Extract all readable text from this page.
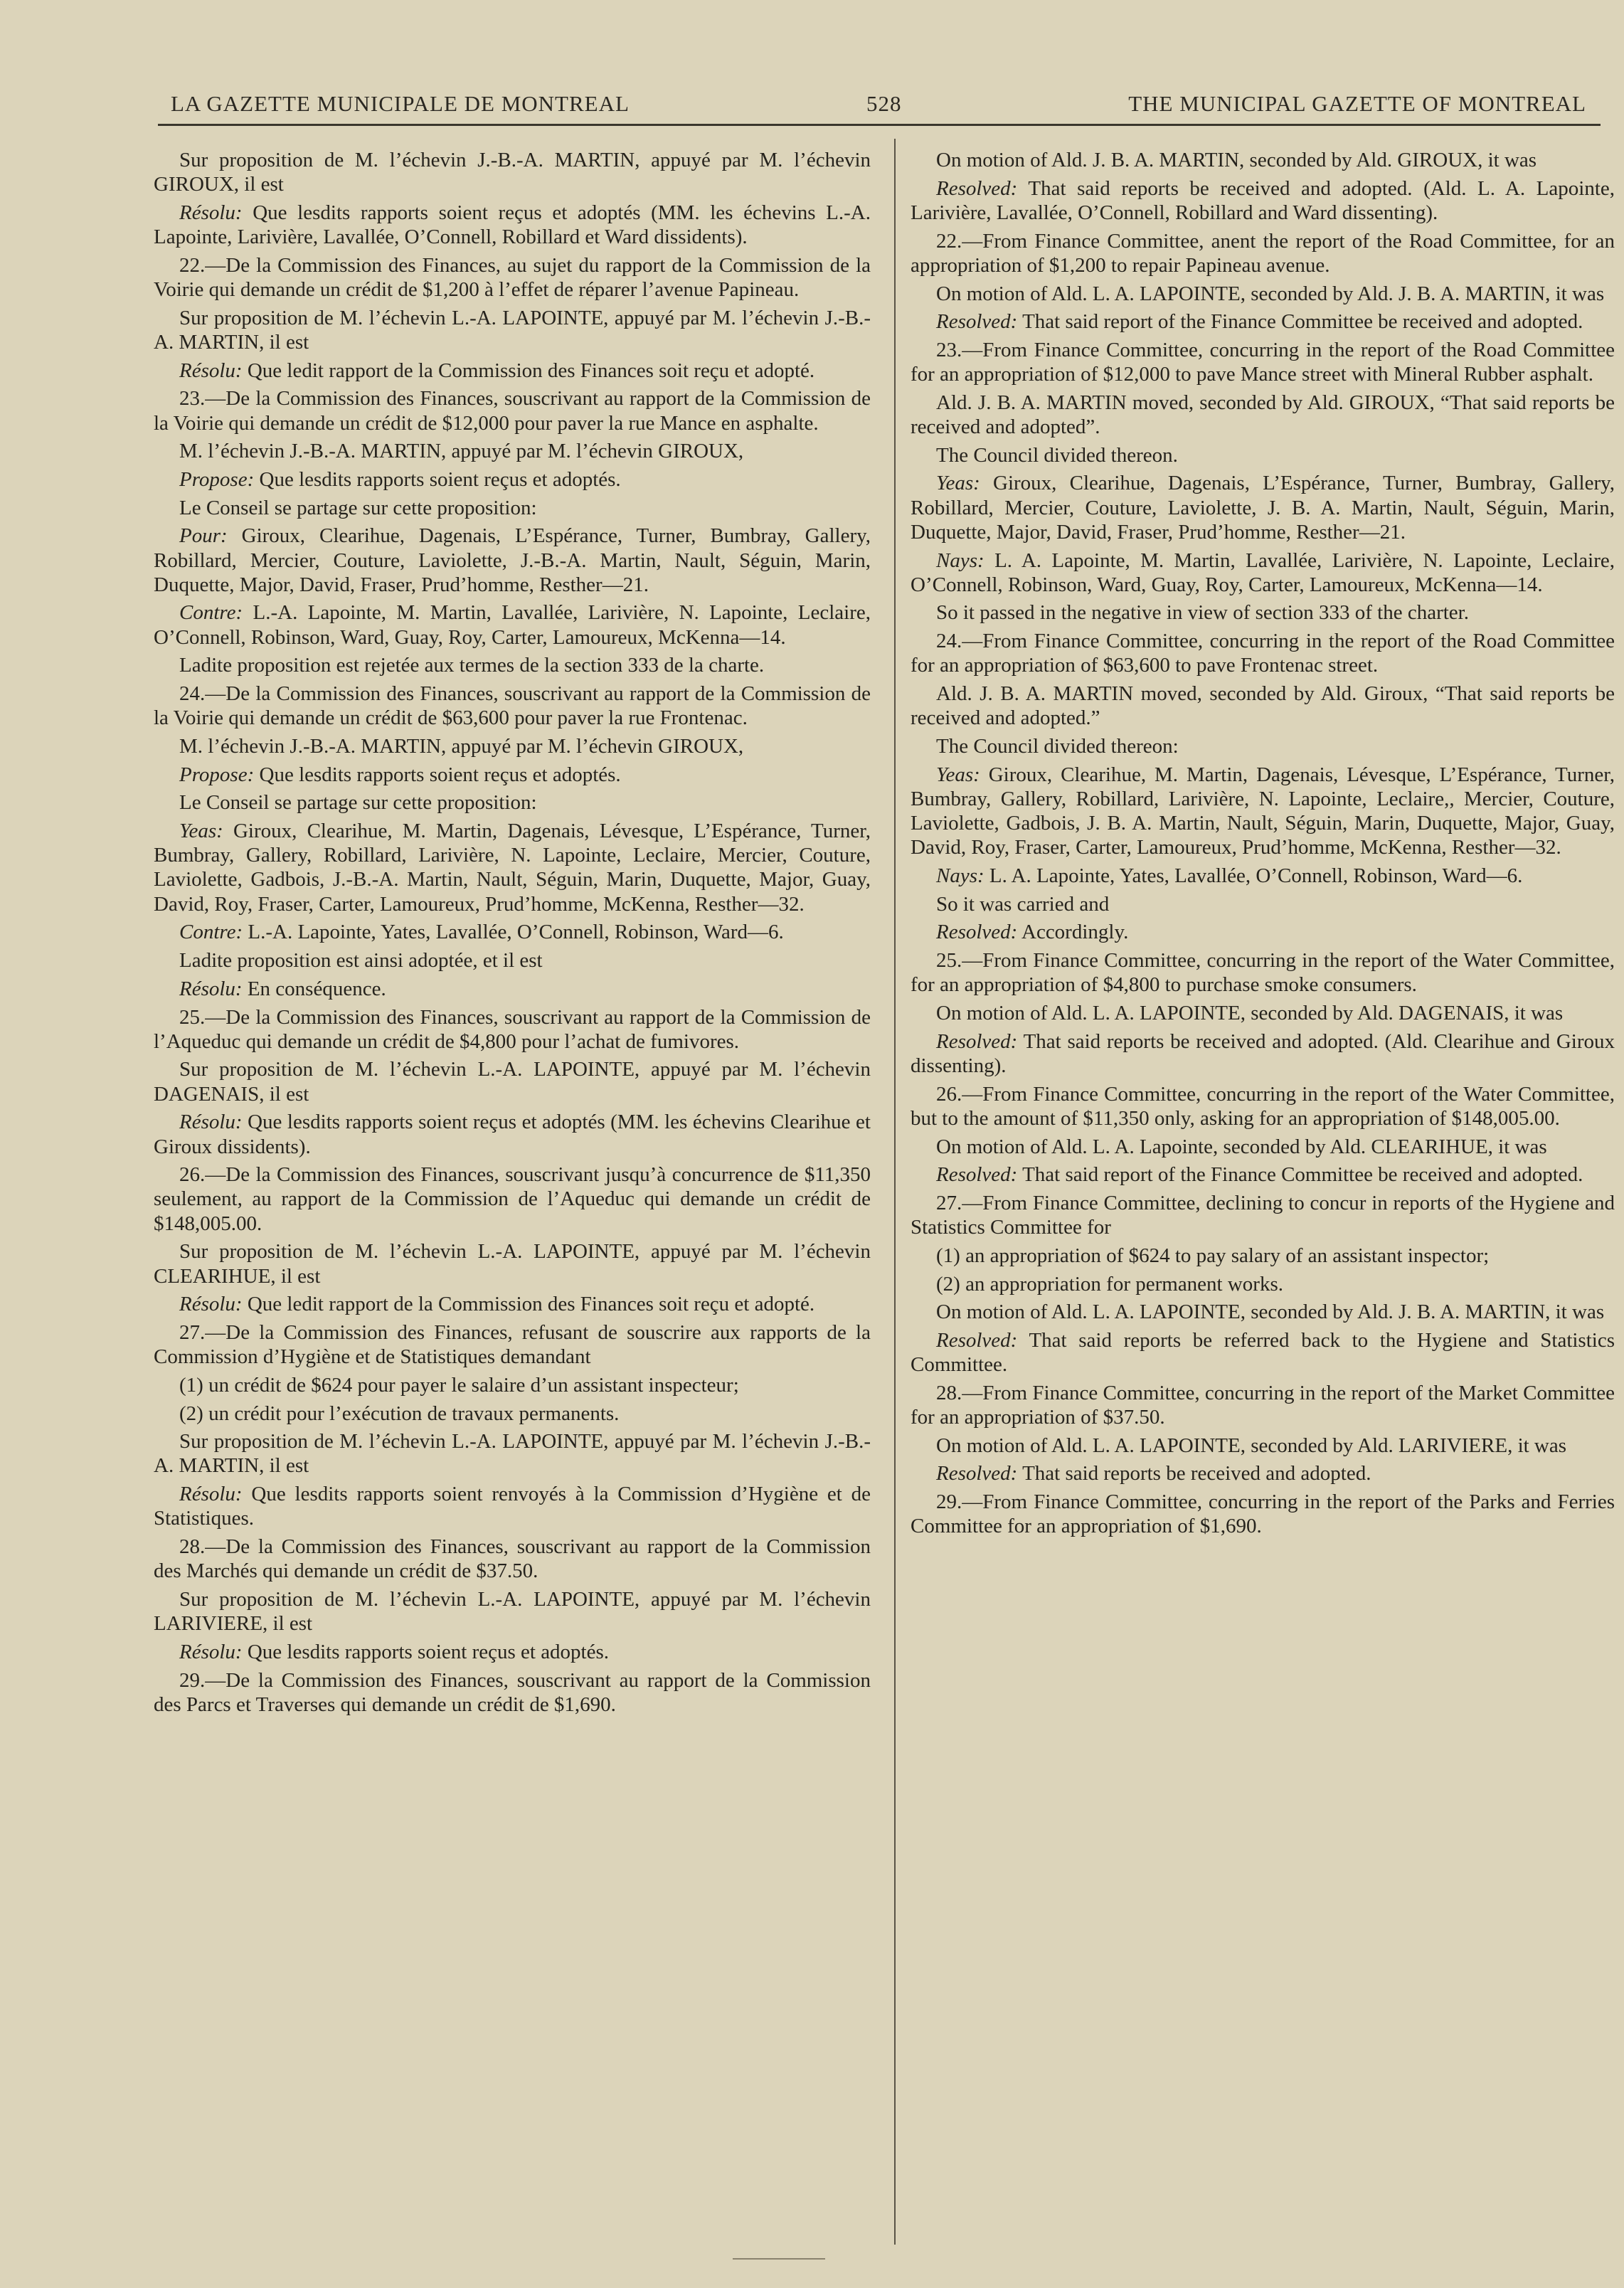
LA GAZETTE MUNICIPALE DE MONTREAL	528	THE MUNICIPAL GAZETTE OF MONTREAL

Sur proposition de M. l’échevin J.-B.-A. MARTIN, appuyé par M. l’échevin GIROUX, il est

Résolu: Que lesdits rapports soient reçus et adoptés (MM. les échevins L.-A. Lapointe, Larivière, Lavallée, O’Connell, Robillard et Ward dissidents).

22.—De la Commission des Finances, au sujet du rapport de la Commission de la Voirie qui demande un crédit de $1,200 à l’effet de réparer l’avenue Papineau.

Sur proposition de M. l’échevin L.-A. LAPOINTE, appuyé par M. l’échevin J.-B.-A. MARTIN, il est

Résolu: Que ledit rapport de la Commission des Finances soit reçu et adopté.

23.—De la Commission des Finances, souscrivant au rapport de la Commission de la Voirie qui demande un crédit de $12,000 pour paver la rue Mance en asphalte.

M. l’échevin J.-B.-A. MARTIN, appuyé par M. l’échevin GIROUX,

Propose: Que lesdits rapports soient reçus et adoptés.

Le Conseil se partage sur cette proposition:

Pour: Giroux, Clearihue, Dagenais, L’Espérance, Turner, Bumbray, Gallery, Robillard, Mercier, Couture, Laviolette, J.-B.-A. Martin, Nault, Séguin, Marin, Duquette, Major, David, Fraser, Prud’homme, Resther—21.

Contre: L.-A. Lapointe, M. Martin, Lavallée, Larivière, N. Lapointe, Leclaire, O’Connell, Robinson, Ward, Guay, Roy, Carter, Lamoureux, McKenna—14.

Ladite proposition est rejetée aux termes de la section 333 de la charte.

24.—De la Commission des Finances, souscrivant au rapport de la Commission de la Voirie qui demande un crédit de $63,600 pour paver la rue Frontenac.

M. l’échevin J.-B.-A. MARTIN, appuyé par M. l’échevin GIROUX,

Propose: Que lesdits rapports soient reçus et adoptés.

Le Conseil se partage sur cette proposition:

Yeas: Giroux, Clearihue, M. Martin, Dagenais, Lévesque, L’Espérance, Turner, Bumbray, Gallery, Robillard, Larivière, N. Lapointe, Leclaire, Mercier, Couture, Laviolette, Gadbois, J.-B.-A. Martin, Nault, Séguin, Marin, Duquette, Major, Guay, David, Roy, Fraser, Carter, Lamoureux, Prud’homme, McKenna, Resther—32.

Contre: L.-A. Lapointe, Yates, Lavallée, O’Connell, Robinson, Ward—6.

Ladite proposition est ainsi adoptée, et il est

Résolu: En conséquence.

25.—De la Commission des Finances, souscrivant au rapport de la Commission de l’Aqueduc qui demande un crédit de $4,800 pour l’achat de fumivores.

Sur proposition de M. l’échevin L.-A. LAPOINTE, appuyé par M. l’échevin DAGENAIS, il est

Résolu: Que lesdits rapports soient reçus et adoptés (MM. les échevins Clearihue et Giroux dissidents).

26.—De la Commission des Finances, souscrivant jusqu’à concurrence de $11,350 seulement, au rapport de la Commission de l’Aqueduc qui demande un crédit de $148,005.00.

Sur proposition de M. l’échevin L.-A. LAPOINTE, appuyé par M. l’échevin CLEARIHUE, il est

Résolu: Que ledit rapport de la Commission des Finances soit reçu et adopté.

27.—De la Commission des Finances, refusant de souscrire aux rapports de la Commission d’Hygiène et de Statistiques demandant

(1) un crédit de $624 pour payer le salaire d’un assistant inspecteur;

(2) un crédit pour l’exécution de travaux permanents.

Sur proposition de M. l’échevin L.-A. LAPOINTE, appuyé par M. l’échevin J.-B.-A. MARTIN, il est

Résolu: Que lesdits rapports soient renvoyés à la Commission d’Hygiène et de Statistiques.

28.—De la Commission des Finances, souscrivant au rapport de la Commission des Marchés qui demande un crédit de $37.50.

Sur proposition de M. l’échevin L.-A. LAPOINTE, appuyé par M. l’échevin LARIVIERE, il est

Résolu: Que lesdits rapports soient reçus et adoptés.

29.—De la Commission des Finances, souscrivant au rapport de la Commission des Parcs et Traverses qui demande un crédit de $1,690.

On motion of Ald. J. B. A. MARTIN, seconded by Ald. GIROUX, it was

Resolved: That said reports be received and adopted. (Ald. L. A. Lapointe, Larivière, Lavallée, O’Connell, Robillard and Ward dissenting).

22.—From Finance Committee, anent the report of the Road Committee, for an appropriation of $1,200 to repair Papineau avenue.

On motion of Ald. L. A. LAPOINTE, seconded by Ald. J. B. A. MARTIN, it was

Resolved: That said report of the Finance Committee be received and adopted.

23.—From Finance Committee, concurring in the report of the Road Committee for an appropriation of $12,000 to pave Mance street with Mineral Rubber asphalt.

Ald. J. B. A. MARTIN moved, seconded by Ald. GIROUX, “That said reports be received and adopted”.

The Council divided thereon.

Yeas: Giroux, Clearihue, Dagenais, L’Espérance, Turner, Bumbray, Gallery, Robillard, Mercier, Couture, Laviolette, J. B. A. Martin, Nault, Séguin, Marin, Duquette, Major, David, Fraser, Prud’homme, Resther—21.

Nays: L. A. Lapointe, M. Martin, Lavallée, Larivière, N. Lapointe, Leclaire, O’Connell, Robinson, Ward, Guay, Roy, Carter, Lamoureux, McKenna—14.

So it passed in the negative in view of section 333 of the charter.

24.—From Finance Committee, concurring in the report of the Road Committee for an appropriation of $63,600 to pave Frontenac street.

Ald. J. B. A. MARTIN moved, seconded by Ald. Giroux, “That said reports be received and adopted.”

The Council divided thereon:

Yeas: Giroux, Clearihue, M. Martin, Dagenais, Lévesque, L’Espérance, Turner, Bumbray, Gallery, Robillard, Larivière, N. Lapointe, Leclaire,, Mercier, Couture, Laviolette, Gadbois, J. B. A. Martin, Nault, Séguin, Marin, Duquette, Major, Guay, David, Roy, Fraser, Carter, Lamoureux, Prud’homme, McKenna, Resther—32.

Nays: L. A. Lapointe, Yates, Lavallée, O’Connell, Robinson, Ward—6.

So it was carried and

Resolved: Accordingly.

25.—From Finance Committee, concurring in the report of the Water Committee, for an appropriation of $4,800 to purchase smoke consumers.

On motion of Ald. L. A. LAPOINTE, seconded by Ald. DAGENAIS, it was

Resolved: That said reports be received and adopted. (Ald. Clearihue and Giroux dissenting).

26.—From Finance Committee, concurring in the report of the Water Committee, but to the amount of $11,350 only, asking for an appropriation of $148,005.00.

On motion of Ald. L. A. Lapointe, seconded by Ald. CLEARIHUE, it was

Resolved: That said report of the Finance Committee be received and adopted.

27.—From Finance Committee, declining to concur in reports of the Hygiene and Statistics Committee for

(1) an appropriation of $624 to pay salary of an assistant inspector;

(2) an appropriation for permanent works.

On motion of Ald. L. A. LAPOINTE, seconded by Ald. J. B. A. MARTIN, it was

Resolved: That said reports be referred back to the Hygiene and Statistics Committee.

28.—From Finance Committee, concurring in the report of the Market Committee for an appropriation of $37.50.

On motion of Ald. L. A. LAPOINTE, seconded by Ald. LARIVIERE, it was

Resolved: That said reports be received and adopted.

29.—From Finance Committee, concurring in the report of the Parks and Ferries Committee for an appropriation of $1,690.
